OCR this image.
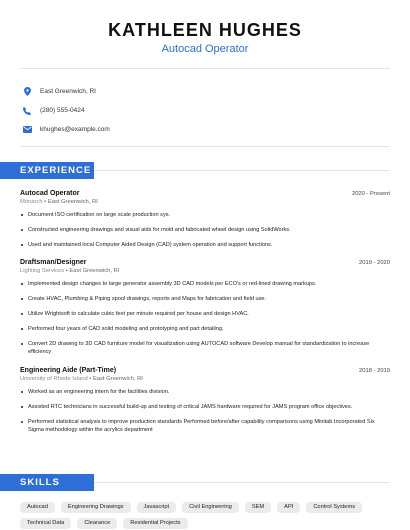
KATHLEEN HUGHES
Autocad Operator
East Greenwich, RI
(280) 555-0424
khughes@example.com
EXPERIENCE
Autocad Operator	2020 - Present
Monarch • East Greenwich, RI
Document ISO certification on large scale production sys.
Constructed engineering drawings and visual aids for mold and fabricated wheel design using SolidWorks.
Used and maintained local Computer Aided Design (CAD) system operation and support functions.
Draftsman/Designer	2019 - 2020
Lighting Services • East Greenwich, RI
Implemented design changes to large generator assembly 3D CAD models per ECO's or red-lined drawing markups.
Create HVAC, Plumbing & Piping spool drawings, reports and Maps for fabrication and field use.
Utilize Wrightsoft to calculate cubic feet per minute required per house and design HVAC.
Performed four years of CAD solid modeling and prototyping and part detailing.
Convert 2D drawing to 3D CAD furniture model for visualization using AUTOCAD software Develop manual for standardization to increase efficiency
Engineering Aide (Part-Time)	2018 - 2019
University of Rhode Island • East Greenwich, RI
Worked as an engineering intern for the facilities division.
Assisted RTC technicians in successful build-up and testing of critical JAMS hardware required for JAMS program office objectives.
Performed statistical analysis to improve production standards Performed before/after capability comparisons using Minitab Incorporated Six Sigma methodology within the acrylics department
SKILLS
Autocad	Engineering Drawings	Javascript	Civil Engineering	SEM	API	Control Systems
Technical Data	Clearance	Residential Projects
